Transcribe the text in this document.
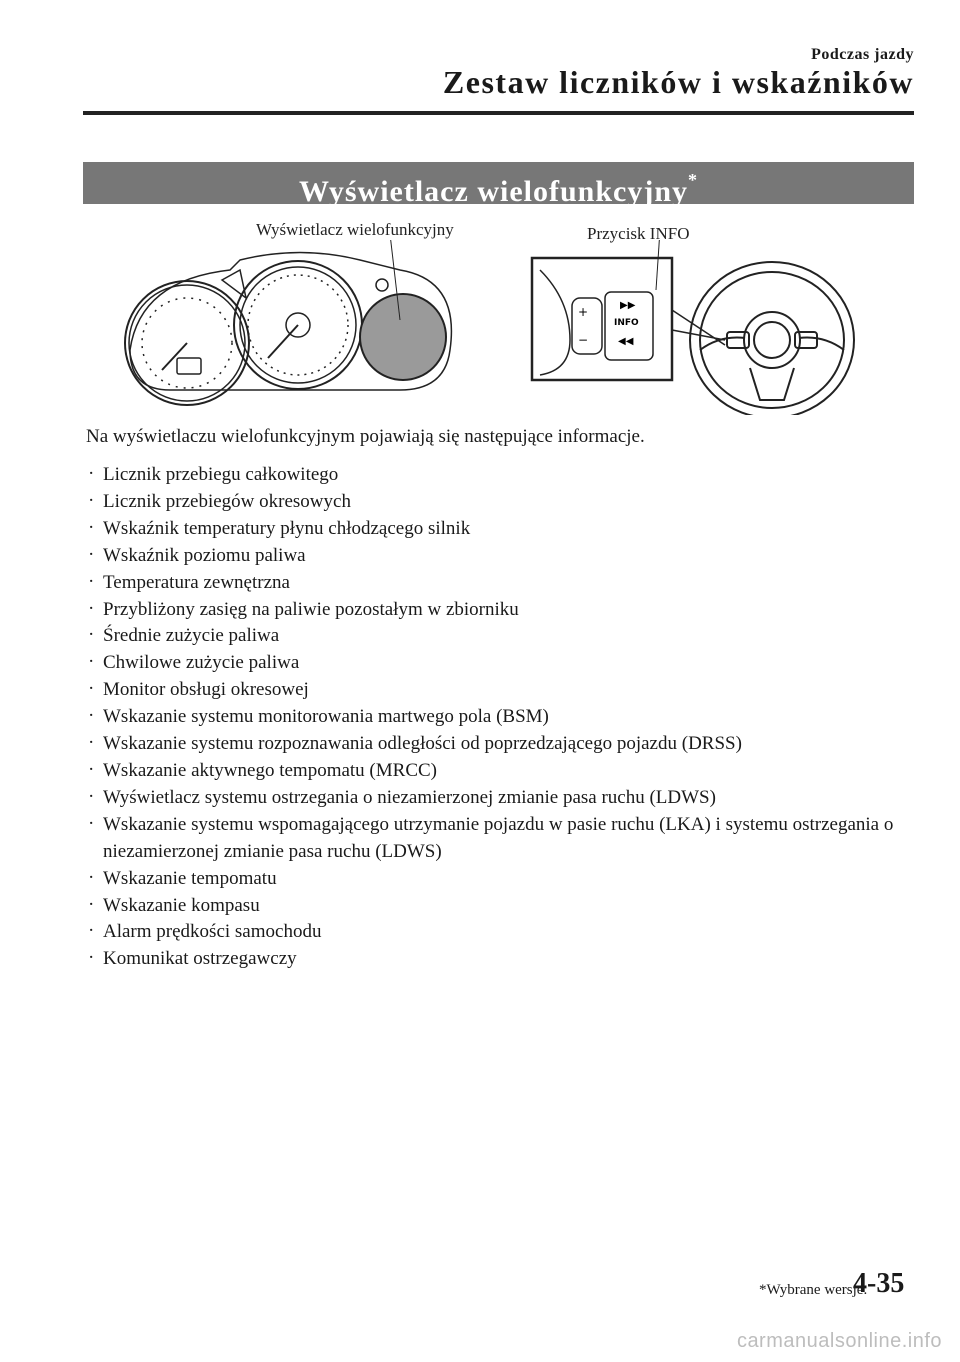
Podczas jazdy
Zestaw liczników i wskaźników
Wyświetlacz wielofunkcyjny*
Wyświetlacz wielofunkcyjny	Przycisk INFO
+
−
▶▶
◀◀
INFO
Na wyświetlaczu wielofunkcyjnym pojawiają się następujące informacje.
· Licznik przebiegu całkowitego
· Licznik przebiegów okresowych
· Wskaźnik temperatury płynu chłodzącego silnik
· Wskaźnik poziomu paliwa
· Temperatura zewnętrzna
· Przybliżony zasięg na paliwie pozostałym w zbiorniku
· Średnie zużycie paliwa
· Chwilowe zużycie paliwa
· Monitor obsługi okresowej
· Wskazanie systemu monitorowania martwego pola (BSM)
· Wskazanie systemu rozpoznawania odległości od poprzedzającego pojazdu (DRSS)
· Wskazanie aktywnego tempomatu (MRCC)
· Wyświetlacz systemu ostrzegania o niezamierzonej zmianie pasa ruchu (LDWS)
· Wskazanie systemu wspomagającego utrzymanie pojazdu w pasie ruchu (LKA) i systemu ostrzegania o niezamierzonej zmianie pasa ruchu (LDWS)
· Wskazanie tempomatu
· Wskazanie kompasu
· Alarm prędkości samochodu
· Komunikat ostrzegawczy
*Wybrane wersje.
4-35
carmanualsonline.info
